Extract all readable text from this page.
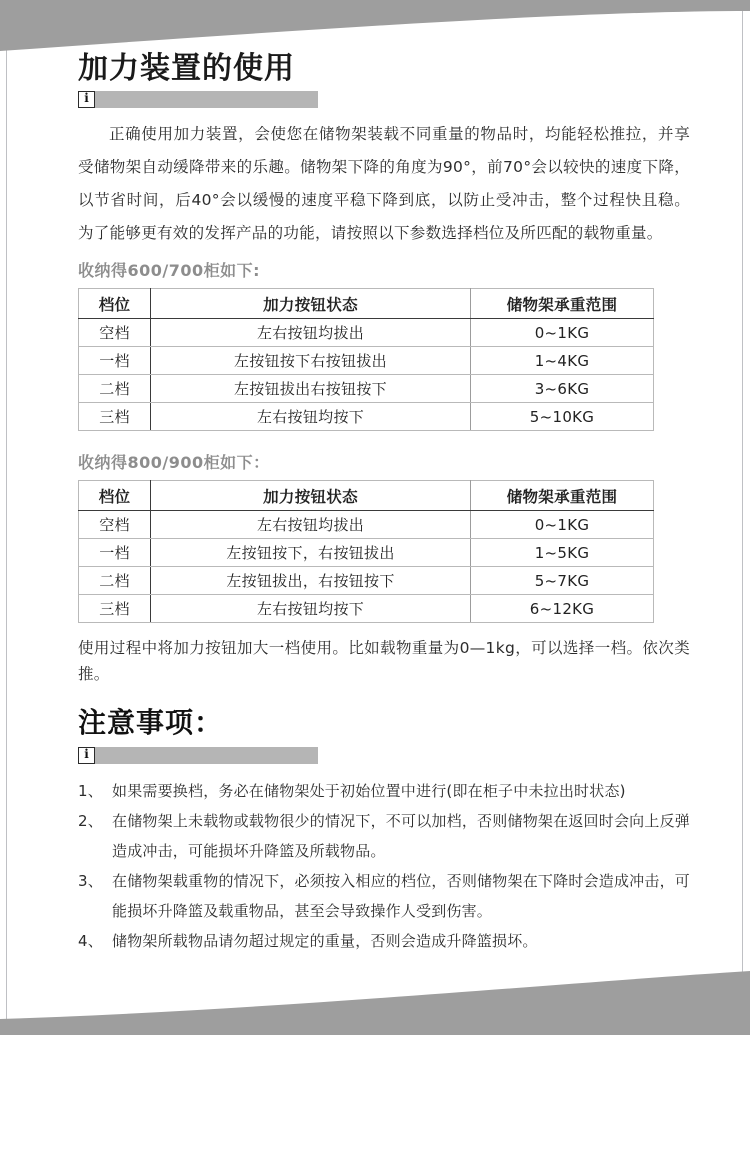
加力装置的使用
i

正确使用加力装置，会使您在储物架装载不同重量的物品时，均能轻松推拉，并享受储物架自动缓降带来的乐趣。储物架下降的角度为90°，前70°会以较快的速度下降，以节省时间，后40°会以缓慢的速度平稳下降到底，以防止受冲击，整个过程快且稳。为了能够更有效的发挥产品的功能，请按照以下参数选择档位及所匹配的载物重量。

收纳得600/700柜如下:

档位	加力按钮状态	储物架承重范围
空档	左右按钮均拔出	0~1KG
一档	左按钮按下右按钮拔出	1~4KG
二档	左按钮拔出右按钮按下	3~6KG
三档	左右按钮均按下	5~10KG

收纳得800/900柜如下：

档位	加力按钮状态	储物架承重范围
空档	左右按钮均拔出	0~1KG
一档	左按钮按下，右按钮拔出	1~5KG
二档	左按钮拔出，右按钮按下	5~7KG
三档	左右按钮均按下	6~12KG

使用过程中将加力按钮加大一档使用。比如载物重量为0—1kg，可以选择一档。依次类推。

注意事项：
i
1、 如果需要换档，务必在储物架处于初始位置中进行(即在柜子中未拉出时状态)
2、 在储物架上未载物或载物很少的情况下，不可以加档，否则储物架在返回时会向上反弹造成冲击，可能损坏升降篮及所载物品。
3、 在储物架载重物的情况下，必须按入相应的档位，否则储物架在下降时会造成冲击，可能损坏升降篮及载重物品，甚至会导致操作人受到伤害。
4、 储物架所载物品请勿超过规定的重量，否则会造成升降篮损坏。
